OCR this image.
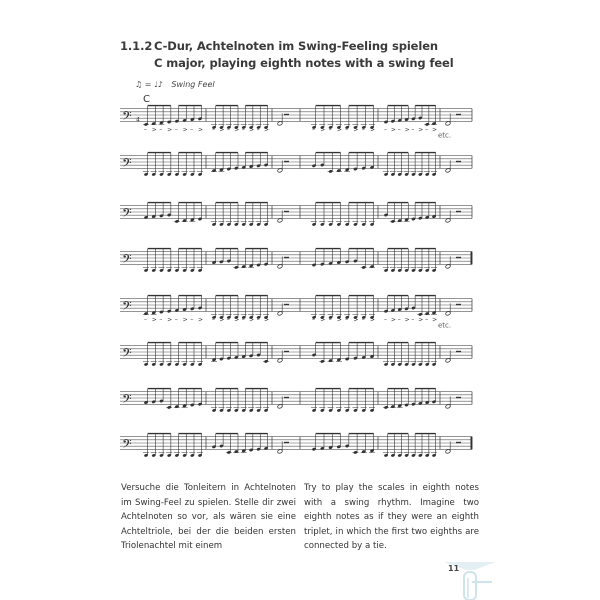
1.1.2 C-Dur, Achtelnoten im Swing-Feeling spielen
C major, playing eighth notes with a swing feel
♫ = ♩♪ Swing Feel
C
𝄢 4
– > – > – > – > – > – > – > – >	– > – > – > – > – > – > – > – >
etc.
𝄢
𝄢
𝄢
𝄢
– > – > – > – > – > – > – > – >	– > – > – > – > – > – > – > – >
etc.
𝄢
𝄢
𝄢
Versuche die Tonleitern in Achtelnoten im Swing-Feel zu spielen. Stelle dir zwei Achtelnoten so vor, als wären sie eine Achteltriole, bei der die beiden ersten Triolenachtel mit einem
Try to play the scales in eighth notes with a swing rhythm. Imagine two eighth notes as if they were an eighth triplet, in which the first two eighths are connected by a tie.
11
